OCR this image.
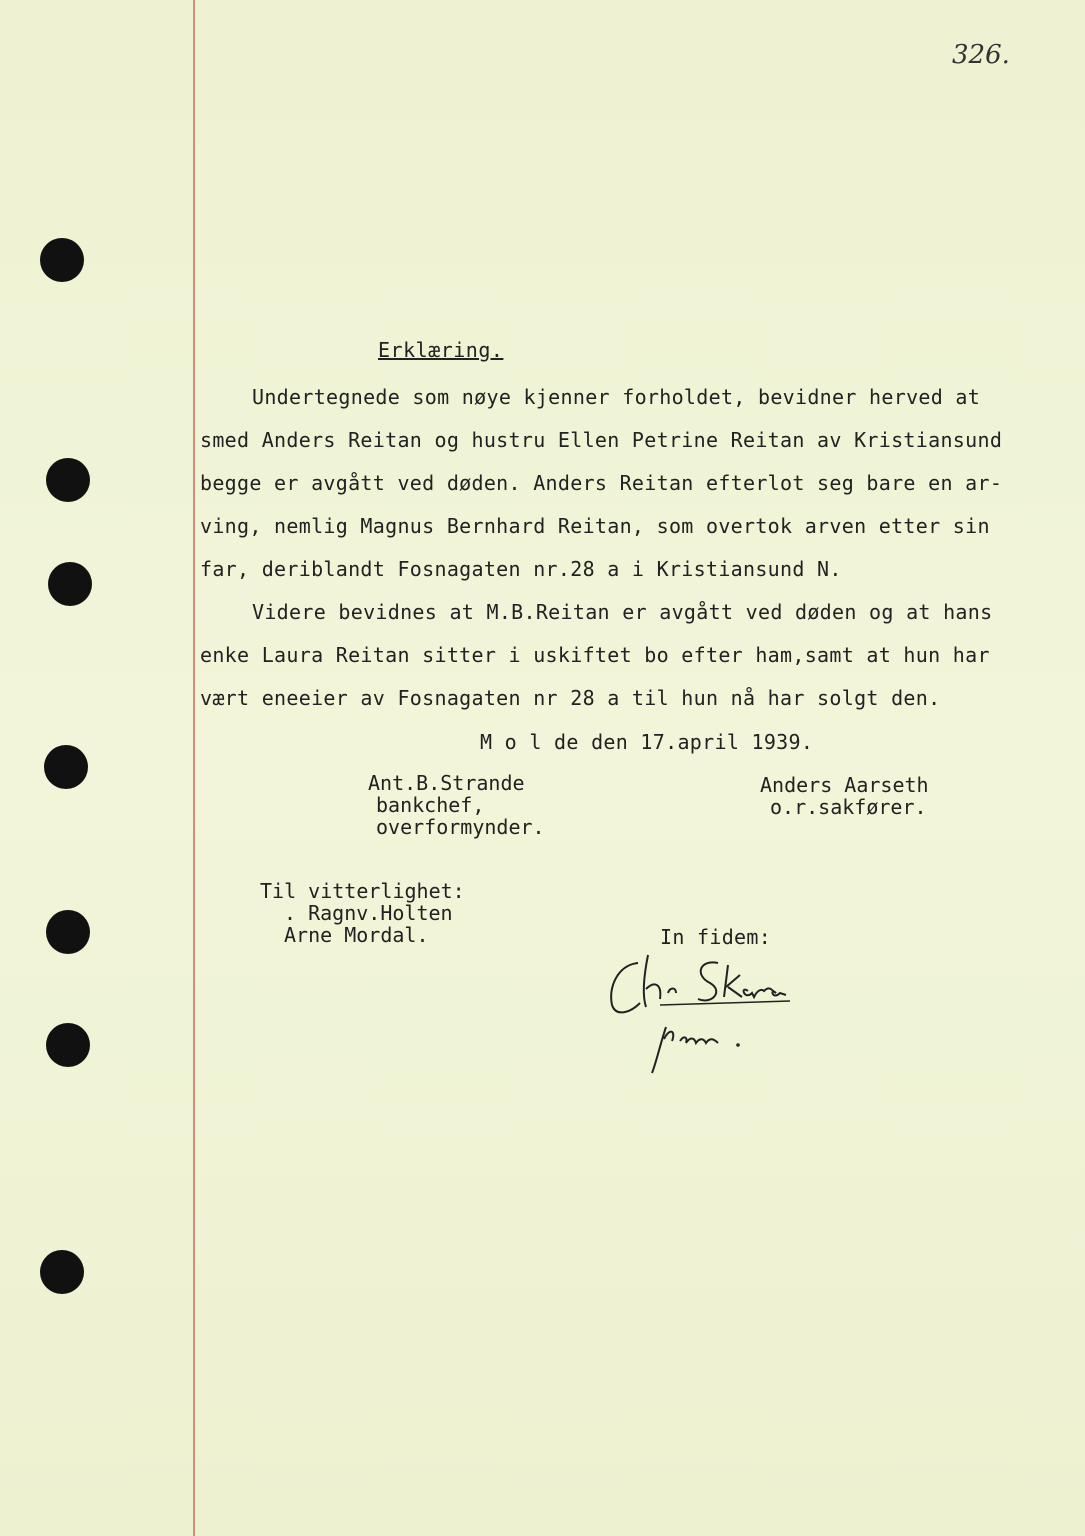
326.
Erklæring.
Undertegnede som nøye kjenner forholdet, bevidner herved at
smed Anders Reitan og hustru Ellen Petrine Reitan av Kristiansund
begge er avgått ved døden. Anders Reitan efterlot seg bare en ar-
ving, nemlig Magnus Bernhard Reitan, som overtok arven etter sin
far, deriblandt Fosnagaten nr.28 a i Kristiansund N.
Videre bevidnes at M.B.Reitan er avgått ved døden og at hans
enke Laura Reitan sitter i uskiftet bo efter ham,samt at hun har
vært eneeier av Fosnagaten nr 28 a til hun nå har solgt den.
M o l de den 17.april 1939.
Ant.B.Strande
bankchef,
overformynder.
Anders Aarseth
o.r.sakfører.
Til vitterlighet:
. Ragnv.Holten
Arne Mordal.	In fidem:
